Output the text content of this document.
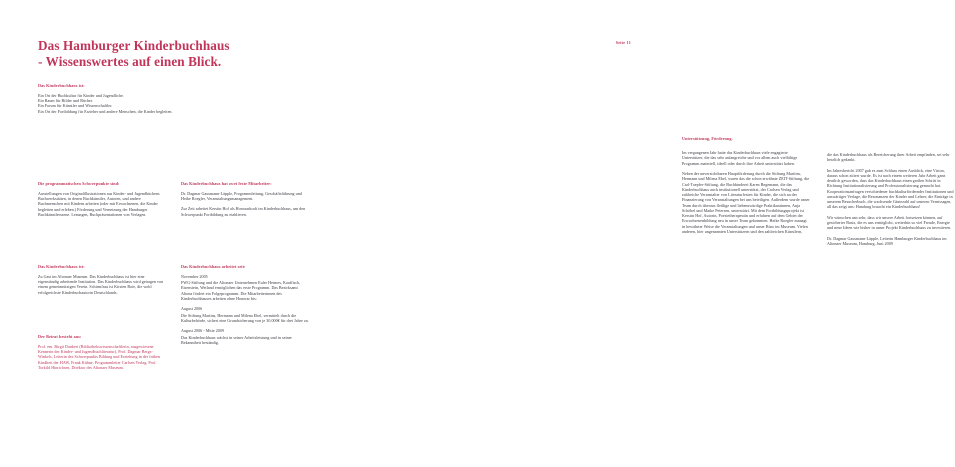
Das Hamburger Kinderbuchhaus
- Wissenswertes auf einen Blick.

Das Kinderbuchhaus ist:

Ein Ort der Buchkultur für Kinder und Jugendliche.
Ein Raum für Bilder und Bücher.
Ein Forum für Künstler und Wissenschaftler.
Ein Ort der Fortbildung für Erzieher und andere Menschen, die Kinder begleiten.

Die programmatischen Schwerpunkte sind:

Ausstellungen von Originalillustrationen aus Kinder- und Jugendbüchern. Buchwerkstätten, in denen Buchkünstler, Autoren, und andere Buchmenschen mit Kindern arbeiten (oder mit Erwachsenen, die Kinder begleiten und erleben.) Förderung und Vernetzung der Hamburger Buchkünstlerszene. Lesungen, Buchpräsentationen von Verlagen.

Das Kinderbuchhaus ist:

Zu Gast im Altonaer Museum. Das Kinderbuchhaus ist hier eine eigenständig arbeitende Institution. Das Kinderbuchhaus wird getragen von einem gemeinnützigen Verein. Schirmfrau ist Kirsten Boie, die wohl erfolgreichste Kinderbuchautorin Deutschlands.

Der Beirat besteht aus:

Prof. em. Birgit Dankert (Bibliothekswissenschaftlerin, ausgewiesene Kennerin der Kinder- und Jugendbuchliteratur), Prof. Dagmar Bergs-Winkels, Leiterin des Schwerpunkts Bildung und Erziehung in der frühen Kindheit der HAW, Frank Kühne, Programmleiter Carlsen Verlag, Prof. Torkild Hinrichsen, Direktor des Altonaer Museum.

Das Kinderbuchhaus hat zwei feste Mitarbeiter:

Dr. Dagmar Gausmann-Läpple, Programmleitung, Geschäftsführung und Heike Roegler, Veranstaltungsmanagement.

Zur Zeit arbeitet Kerstin Hof als Honorarkraft im Kinderbuchhaus, um den Schwerpunkt Fortbildung zu etablieren.

Das Kinderbuchhaus arbeitet seit:

November 2005

FWG-Stiftung und die Altonaer Unternehmen Euler Hermes, Kauffisch, Eisenstein, Weiland ermöglichen das erste Programm. Das Bezirksamt Altona fördert ein Folgeprogramm. Die Mitarbeiterinnen des Kinderbuchhauses arbeiten ohne Honorar bis:

August 2006

Die Stiftung Martins, Hermann und Milena Ebel, vermittelt durch die Kulturbehörde, sichert eine Grundsicherung von je 30.000€ für drei Jahre zu.

August 2006 - Mitte 2009

Das Kinderbuchhaus wächst in seiner Arbeitsleistung und in seiner Bekanntheit beständig.

Seite 11

Unterstützung, Förderung.

Im vergangenen Jahr hatte das Kinderbuchhaus viele engagierte Unterstützer, die das sehr anfangreiche und vor allem auch vielfältige Programm materiell, ideell oder durch ihre Arbeit unterstützt haben.

Neben der unverzichtbaren Hauptförderung durch die Stiftung Maritim, Hermann und Milena Ebel, waren das die schon erwähnte ZEIT-Stiftung, die Carl-Toepfer-Stiftung, die Buchbinderei Karen Begemann, die das Kinderbuchhaus auch institutionell unterstützt, der Carlsen Verlag und zahlreiche Veranstalter von Literaturfesten für Kinder, die sich an der Finanzierung von Veranstaltungen bei uns beteiligen. Außerdem wurde unser Team durch überaus fleißige und liebenswürdige Praktikantinnen, Anja Schöbel und Maike Petersen, unterstützt. Mit dem Fortbildungsprojekt ist Kerstin Hof, Autorin, Poesietherapeutin und erfahren auf dem Gebiet der Erwachsenenbildung neu in unser Team gekommen. Heike Roegler managt in bewährter Weise die Veranstaltungen und unser Büro im Museum. Vielen anderen, hier ungenannten Unterstützern und den zahlreichen Künstlern,

die das Kinderbuchhaus als Bereicherung ihrer Arbeit empfinden, sei sehr herzlich gedankt.

Im Jahresbericht 2007 gab es zum Schluss einen Ausblick, eine Vision, daraus schon zitiert wurde. Es ist nach einem weiteren Jahr Arbeit ganz deutlich geworden, dass das Kinderbuchhaus einen großen Schritt in Richtung Institutionalisierung und Professionalisierung gemacht hat. Kooperationsanfragen verschiedener buchkulturfördernder Institutionen und auswärtiger Verlage, die Resonanzen der Kinder und Lehrer, die Einträge in unserem Besucherbuch, die wachsende Gästezahl auf unseren Vernissagen, all das zeigt uns: Hamburg braucht ein Kinderbuchhaus!

Wir wünschen uns sehr, dass wir unsere Arbeit fortsetzen können, auf gesicherter Basis, die es uns ermöglicht, weiterhin so viel Freude, Energie und neue Ideen wie bisher in unser Projekt Kinderbuchhaus zu investieren.

Dr. Dagmar Gausmann-Läpple, Leiterin Hamburger Kinderbuchhaus im Altonaer Museum, Hamburg, Juni 2009
